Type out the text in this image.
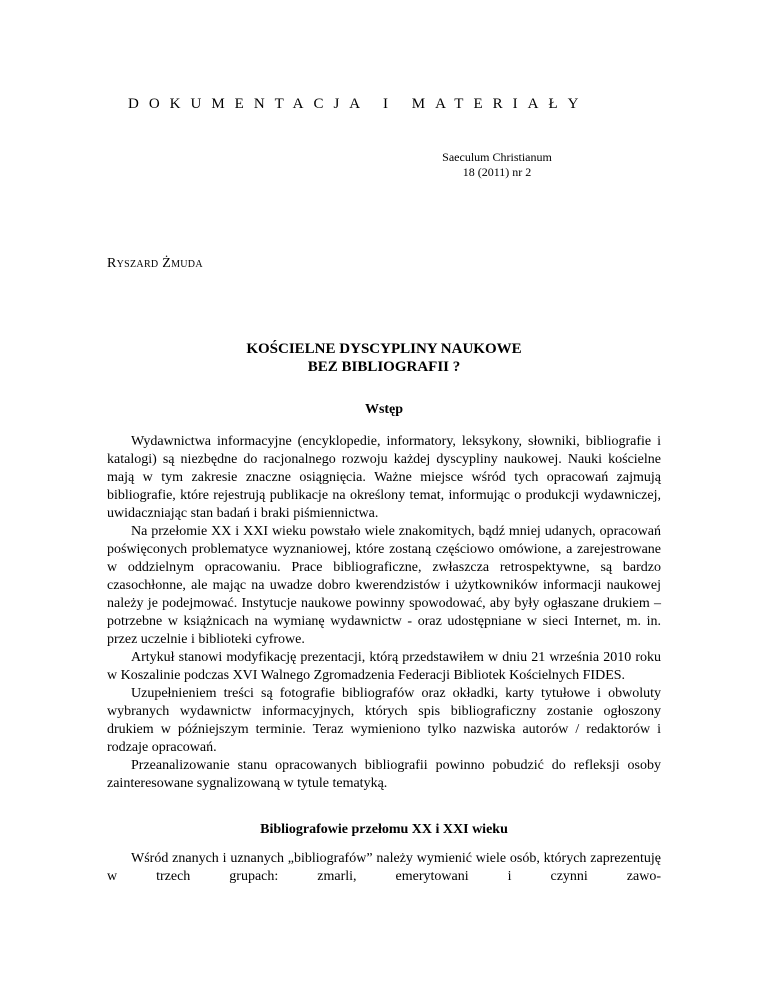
DOKUMENTACJA I MATERIAŁY
Saeculum Christianum
18 (2011) nr 2
Ryszard Żmuda
KOŚCIELNE DYSCYPLINY NAUKOWE
BEZ BIBLIOGRAFII ?
Wstęp

Wydawnictwa informacyjne (encyklopedie, informatory, leksykony, słowniki, bibliografie i katalogi) są niezbędne do racjonalnego rozwoju każdej dyscypliny naukowej. Nauki kościelne mają w tym zakresie znaczne osiągnięcia. Ważne miejsce wśród tych opracowań zajmują bibliografie, które rejestrują publikacje na określony temat, informując o produkcji wydawniczej, uwidaczniając stan badań i braki piśmiennictwa.

Na przełomie XX i XXI wieku powstało wiele znakomitych, bądź mniej udanych, opracowań poświęconych problematyce wyznaniowej, które zostaną częściowo omówione, a zarejestrowane w oddzielnym opracowaniu. Prace bibliograficzne, zwłaszcza retrospektywne, są bardzo czasochłonne, ale mając na uwadze dobro kwerendzistów i użytkowników informacji naukowej należy je podejmować. Instytucje naukowe powinny spowodować, aby były ogłaszane drukiem – potrzebne w książnicach na wymianę wydawnictw - oraz udostępniane w sieci Internet, m. in. przez uczelnie i biblioteki cyfrowe.

Artykuł stanowi modyfikację prezentacji, którą przedstawiłem w dniu 21 września 2010 roku w Koszalinie podczas XVI Walnego Zgromadzenia Federacji Bibliotek Kościelnych FIDES.

Uzupełnieniem treści są fotografie bibliografów oraz okładki, karty tytułowe i obwoluty wybranych wydawnictw informacyjnych, których spis bibliograficzny zostanie ogłoszony drukiem w późniejszym terminie. Teraz wymieniono tylko nazwiska autorów / redaktorów i rodzaje opracowań.

Przeanalizowanie stanu opracowanych bibliografii powinno pobudzić do refleksji osoby zainteresowane sygnalizowaną w tytule tematyką.

Bibliografowie przełomu XX i XXI wieku

Wśród znanych i uznanych „bibliografów” należy wymienić wiele osób, których zaprezentuję w trzech grupach: zmarli, emerytowani i czynni zawo-
